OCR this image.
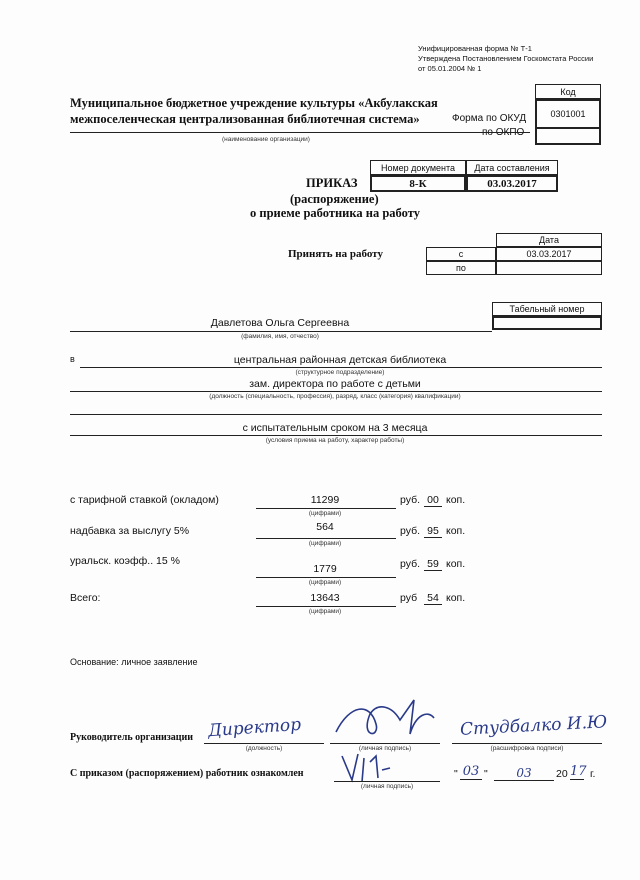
Унифицированная форма № Т-1
Утверждена Постановлением Госкомстата России
от 05.01.2004 № 1
Код
0301001
Форма по ОКУД
по ОКПО
Муниципальное бюджетное учреждение культуры «Акбулакская
межпоселенческая централизованная библиотечная система»
(наименование организации)
Номер документа	Дата составления
8-К	03.03.2017
ПРИКАЗ
(распоряжение)
о приеме работника на работу
Дата
с	03.03.2017
по
Принять на работу
Табельный номер
Давлетова Ольга Сергеевна
(фамилия, имя, отчество)
в	центральная районная детская библиотека
(структурное подразделение)
зам. директора по работе с детьми
(должность (специальность, профессия), разряд, класс (категория) квалификации)
с испытательным сроком на 3 месяца
(условия приема на работу, характер работы)
с тарифной ставкой (окладом)	11299
(цифрами)
руб. 00 коп.
надбавка за выслугу 5%	564
(цифрами)
руб. 95 коп.
уральск. коэфф.. 15 %
1779
(цифрами)
руб. 59 коп.
Всего:	13643
(цифрами)
руб 54 коп.
Основание: личное заявление
Руководитель организации Директор
(должность)	(личная подпись)
Студбалко И.Ю
(расшифровка подписи)
С приказом (распоряжением) работник ознакомлен
(личная подпись)
" 03 "	03	20 17 г.
